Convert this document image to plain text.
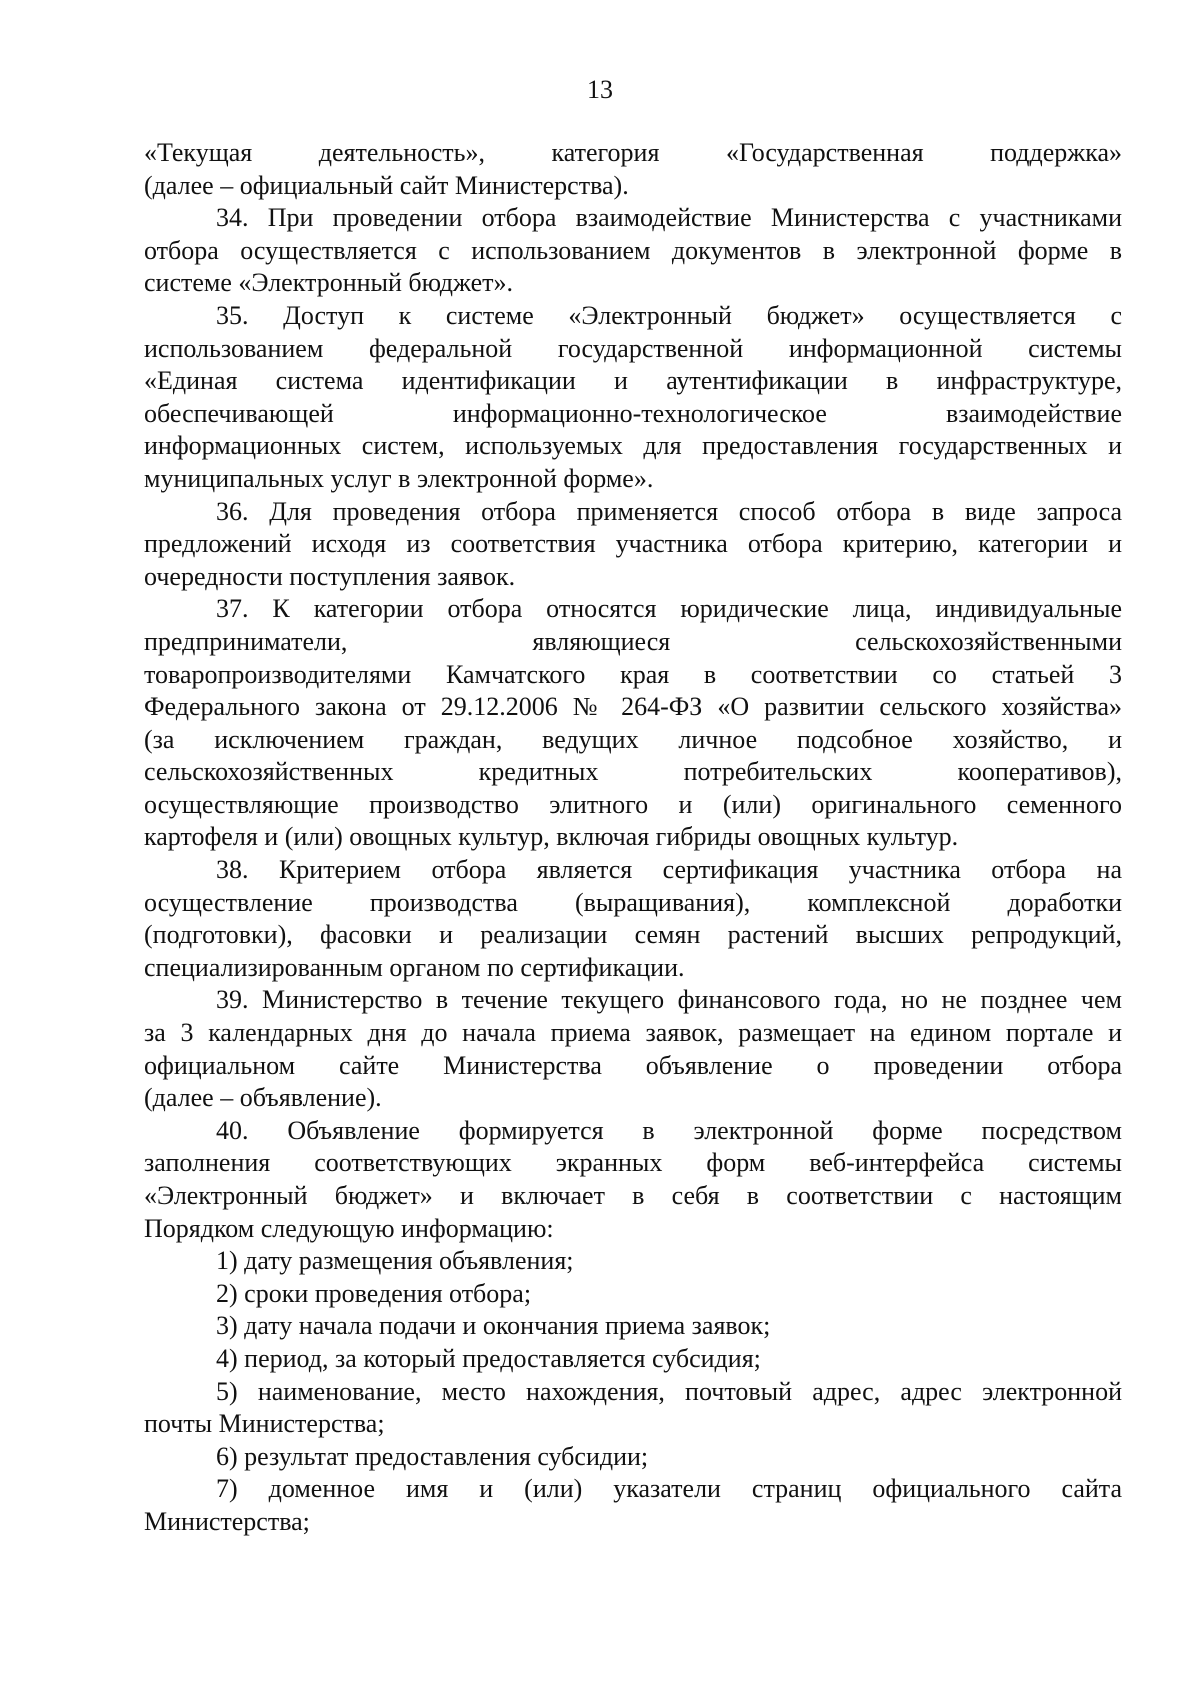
13

«Текущая деятельность», категория «Государственная поддержка»
(далее – официальный сайт Министерства).

34. При проведении отбора взаимодействие Министерства с участниками
отбора осуществляется с использованием документов в электронной форме в
системе «Электронный бюджет».

35. Доступ к системе «Электронный бюджет» осуществляется с
использованием федеральной государственной информационной системы
«Единая система идентификации и аутентификации в инфраструктуре,
обеспечивающей информационно-технологическое взаимодействие
информационных систем, используемых для предоставления государственных и
муниципальных услуг в электронной форме».

36. Для проведения отбора применяется способ отбора в виде запроса
предложений исходя из соответствия участника отбора критерию, категории и
очередности поступления заявок.

37. К категории отбора относятся юридические лица, индивидуальные
предприниматели, являющиеся сельскохозяйственными
товаропроизводителями Камчатского края в соответствии со статьей 3
Федерального закона от 29.12.2006 № 264-ФЗ «О развитии сельского хозяйства»
(за исключением граждан, ведущих личное подсобное хозяйство, и
сельскохозяйственных кредитных потребительских кооперативов),
осуществляющие производство элитного и (или) оригинального семенного
картофеля и (или) овощных культур, включая гибриды овощных культур.

38. Критерием отбора является сертификация участника отбора на
осуществление производства (выращивания), комплексной доработки
(подготовки), фасовки и реализации семян растений высших репродукций,
специализированным органом по сертификации.

39. Министерство в течение текущего финансового года, но не позднее чем
за 3 календарных дня до начала приема заявок, размещает на едином портале и
официальном сайте Министерства объявление о проведении отбора
(далее – объявление).

40. Объявление формируется в электронной форме посредством
заполнения соответствующих экранных форм веб-интерфейса системы
«Электронный бюджет» и включает в себя в соответствии с настоящим
Порядком следующую информацию:

1) дату размещения объявления;

2) сроки проведения отбора;

3) дату начала подачи и окончания приема заявок;

4) период, за который предоставляется субсидия;

5) наименование, место нахождения, почтовый адрес, адрес электронной
почты Министерства;

6) результат предоставления субсидии;

7) доменное имя и (или) указатели страниц официального сайта
Министерства;
